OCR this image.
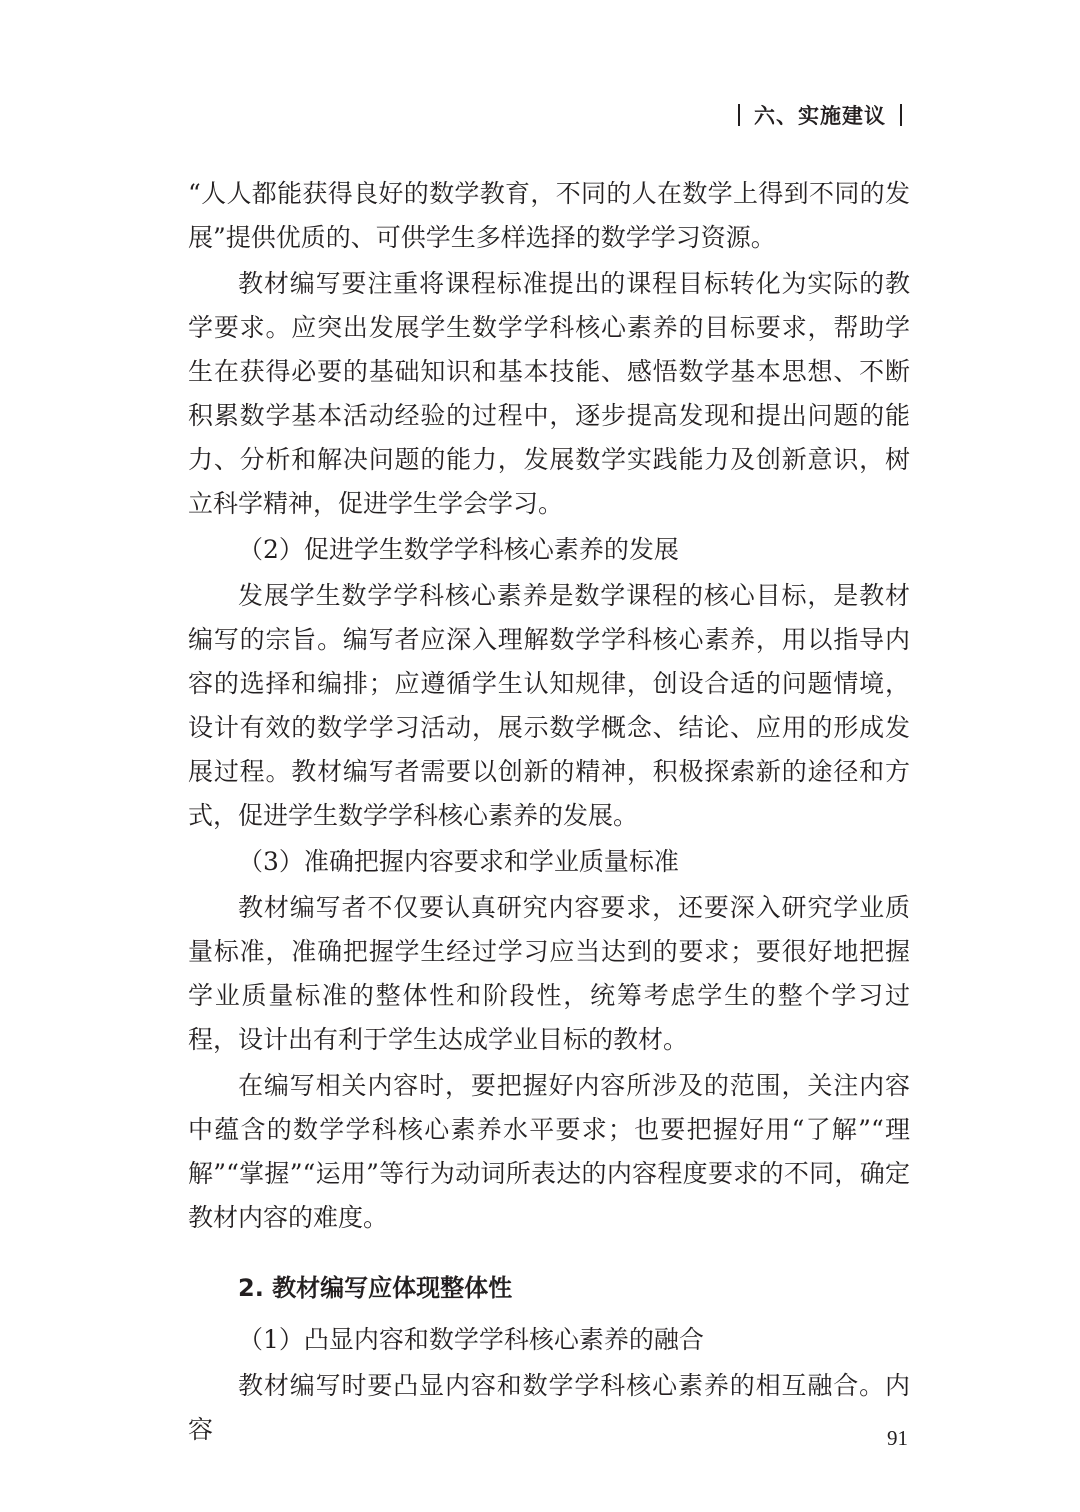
六、实施建议

“人人都能获得良好的数学教育，不同的人在数学上得到不同的发展”提供优质的、可供学生多样选择的数学学习资源。

教材编写要注重将课程标准提出的课程目标转化为实际的教学要求。应突出发展学生数学学科核心素养的目标要求，帮助学生在获得必要的基础知识和基本技能、感悟数学基本思想、不断积累数学基本活动经验的过程中，逐步提高发现和提出问题的能力、分析和解决问题的能力，发展数学实践能力及创新意识，树立科学精神，促进学生学会学习。

（2）促进学生数学学科核心素养的发展

发展学生数学学科核心素养是数学课程的核心目标，是教材编写的宗旨。编写者应深入理解数学学科核心素养，用以指导内容的选择和编排；应遵循学生认知规律，创设合适的问题情境，设计有效的数学学习活动，展示数学概念、结论、应用的形成发展过程。教材编写者需要以创新的精神，积极探索新的途径和方式，促进学生数学学科核心素养的发展。

（3）准确把握内容要求和学业质量标准

教材编写者不仅要认真研究内容要求，还要深入研究学业质量标准，准确把握学生经过学习应当达到的要求；要很好地把握学业质量标准的整体性和阶段性，统筹考虑学生的整个学习过程，设计出有利于学生达成学业目标的教材。

在编写相关内容时，要把握好内容所涉及的范围，关注内容中蕴含的数学学科核心素养水平要求；也要把握好用“了解”“理解”“掌握”“运用”等行为动词所表达的内容程度要求的不同，确定教材内容的难度。

2. 教材编写应体现整体性

（1）凸显内容和数学学科核心素养的融合

教材编写时要凸显内容和数学学科核心素养的相互融合。内容	91
